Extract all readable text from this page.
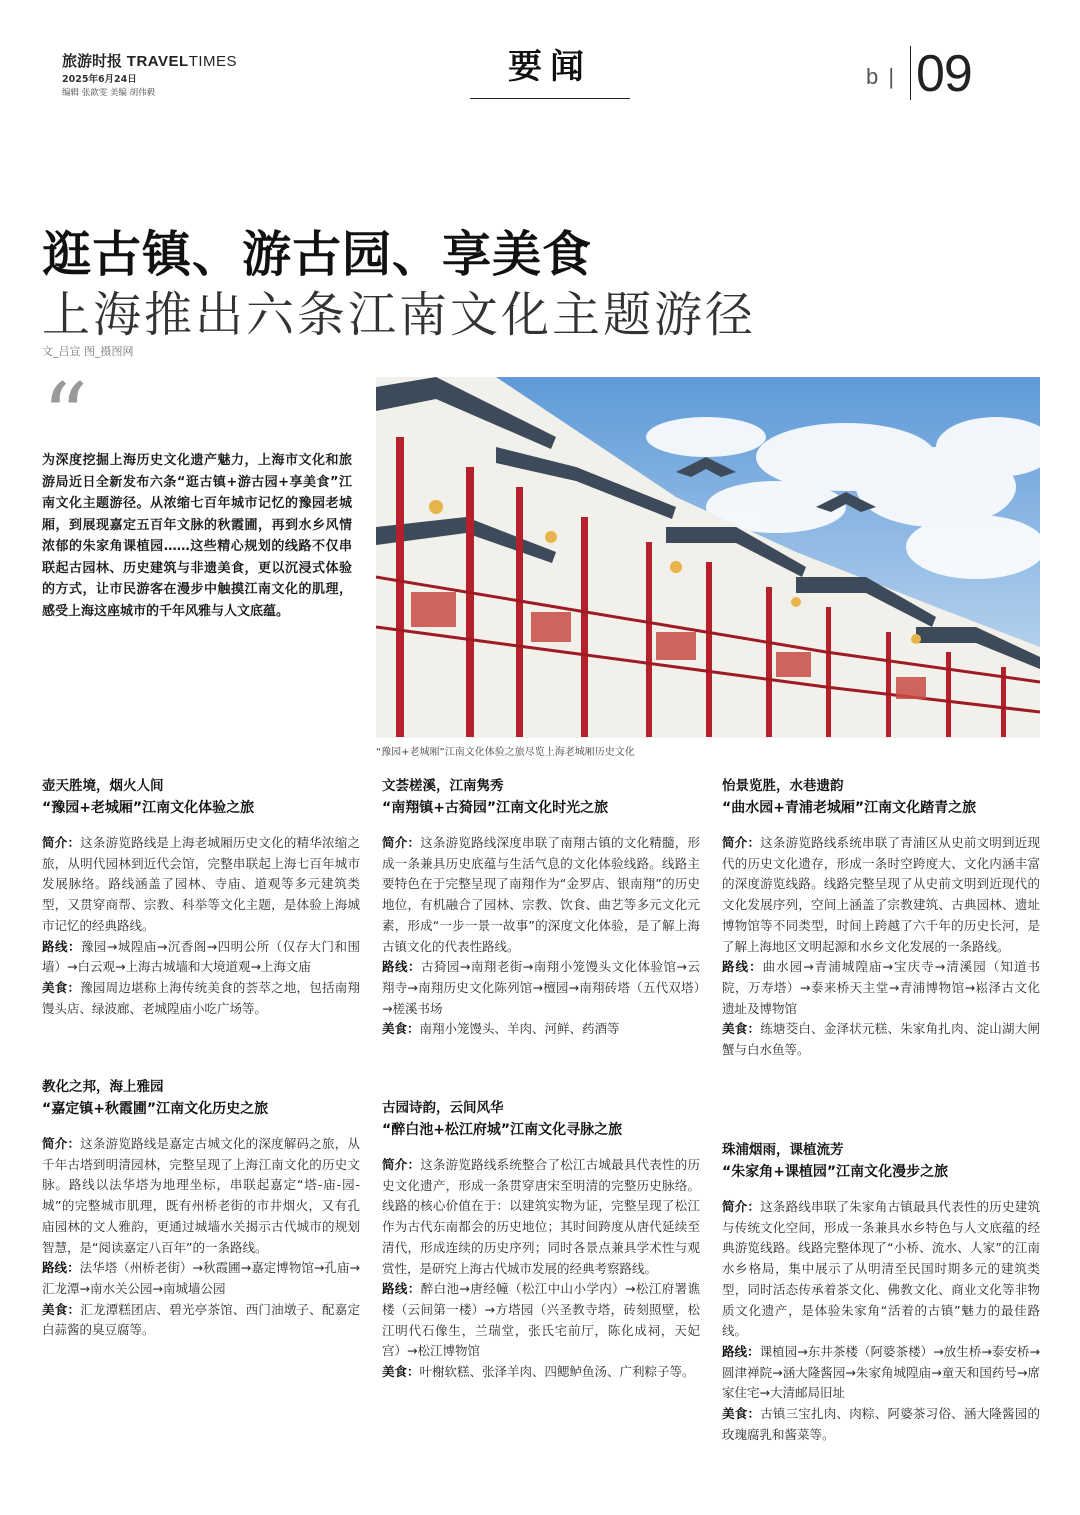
旅游时报 TRAVELTIMES
2025年6月24日
编辑 张歆雯 美编 胡伟毅
要闻	b | 09
逛古镇、游古园、享美食
上海推出六条江南文化主题游径
文_吕宣 图_摄图网
“
为深度挖掘上海历史文化遗产魅力，上海市文化和旅游局近日全新发布六条“逛古镇+游古园+享美食”江南文化主题游径。从浓缩七百年城市记忆的豫园老城厢，到展现嘉定五百年文脉的秋霞圃，再到水乡风情浓郁的朱家角课植园……这些精心规划的线路不仅串联起古园林、历史建筑与非遗美食，更以沉浸式体验的方式，让市民游客在漫步中触摸江南文化的肌理，感受上海这座城市的千年风雅与人文底蕴。
“豫园+老城厢”江南文化体验之旅尽览上海老城厢历史文化
壶天胜境，烟火人间
“豫园+老城厢”江南文化体验之旅

简介：这条游览路线是上海老城厢历史文化的精华浓缩之旅，从明代园林到近代会馆，完整串联起上海七百年城市发展脉络。路线涵盖了园林、寺庙、道观等多元建筑类型，又贯穿商帮、宗教、科举等文化主题，是体验上海城市记忆的经典路线。

路线：豫园→城隍庙→沉香阁→四明公所（仅存大门和围墙）→白云观→上海古城墙和大境道观→上海文庙

美食：豫园周边堪称上海传统美食的荟萃之地，包括南翔馒头店、绿波廊、老城隍庙小吃广场等。

教化之邦，海上雅园
“嘉定镇+秋霞圃”江南文化历史之旅

简介：这条游览路线是嘉定古城文化的深度解码之旅，从千年古塔到明清园林，完整呈现了上海江南文化的历史文脉。路线以法华塔为地理坐标，串联起嘉定“塔-庙-园-城”的完整城市肌理，既有州桥老街的市井烟火，又有孔庙园林的文人雅韵，更通过城墙水关揭示古代城市的规划智慧，是“阅读嘉定八百年”的一条路线。

路线：法华塔（州桥老街）→秋霞圃→嘉定博物馆→孔庙→汇龙潭→南水关公园→南城墙公园

美食：汇龙潭糕团店、碧光亭茶馆、西门油墩子、配嘉定白蒜酱的臭豆腐等。

文荟槎溪，江南隽秀
“南翔镇+古猗园”江南文化时光之旅

简介：这条游览路线深度串联了南翔古镇的文化精髓，形成一条兼具历史底蕴与生活气息的文化体验线路。线路主要特色在于完整呈现了南翔作为“金罗店、银南翔”的历史地位，有机融合了园林、宗教、饮食、曲艺等多元文化元素，形成“一步一景一故事”的深度文化体验，是了解上海古镇文化的代表性路线。

路线：古猗园→南翔老街→南翔小笼馒头文化体验馆→云翔寺→南翔历史文化陈列馆→檀园→南翔砖塔（五代双塔）→槎溪书场

美食：南翔小笼馒头、羊肉、河鲜、药酒等

古园诗韵，云间风华
“醉白池+松江府城”江南文化寻脉之旅

简介：这条游览路线系统整合了松江古城最具代表性的历史文化遗产，形成一条贯穿唐宋至明清的完整历史脉络。线路的核心价值在于：以建筑实物为证，完整呈现了松江作为古代东南都会的历史地位；其时间跨度从唐代延续至清代，形成连续的历史序列；同时各景点兼具学术性与观赏性，是研究上海古代城市发展的经典考察路线。

路线：醉白池→唐经幢（松江中山小学内）→松江府署谯楼（云间第一楼）→方塔园（兴圣教寺塔，砖刻照壁，松江明代石像生，兰瑞堂，张氏宅前厅，陈化成祠，天妃宫）→松江博物馆

美食：叶榭软糕、张泽羊肉、四鳃鲈鱼汤、广利粽子等。

怡景览胜，水巷遗韵
“曲水园+青浦老城厢”江南文化踏青之旅

简介：这条游览路线系统串联了青浦区从史前文明到近现代的历史文化遗存，形成一条时空跨度大、文化内涵丰富的深度游览线路。线路完整呈现了从史前文明到近现代的文化发展序列，空间上涵盖了宗教建筑、古典园林、遗址博物馆等不同类型，时间上跨越了六千年的历史长河，是了解上海地区文明起源和水乡文化发展的一条路线。

路线：曲水园→青浦城隍庙→宝庆寺→清溪园（知道书院，万寿塔）→泰来桥天主堂→青浦博物馆→崧泽古文化遗址及博物馆

美食：练塘茭白、金泽状元糕、朱家角扎肉、淀山湖大闸蟹与白水鱼等。

珠浦烟雨，课植流芳
“朱家角+课植园”江南文化漫步之旅

简介：这条路线串联了朱家角古镇最具代表性的历史建筑与传统文化空间，形成一条兼具水乡特色与人文底蕴的经典游览线路。线路完整体现了“小桥、流水、人家”的江南水乡格局，集中展示了从明清至民国时期多元的建筑类型，同时活态传承着茶文化、佛教文化、商业文化等非物质文化遗产，是体验朱家角“活着的古镇”魅力的最佳路线。

路线：课植园→东井茶楼（阿婆茶楼）→放生桥→泰安桥→圆津禅院→涵大隆酱园→朱家角城隍庙→童天和国药号→席家住宅→大清邮局旧址

美食：古镇三宝扎肉、肉粽、阿婆茶习俗、涵大隆酱园的玫瑰腐乳和酱菜等。
